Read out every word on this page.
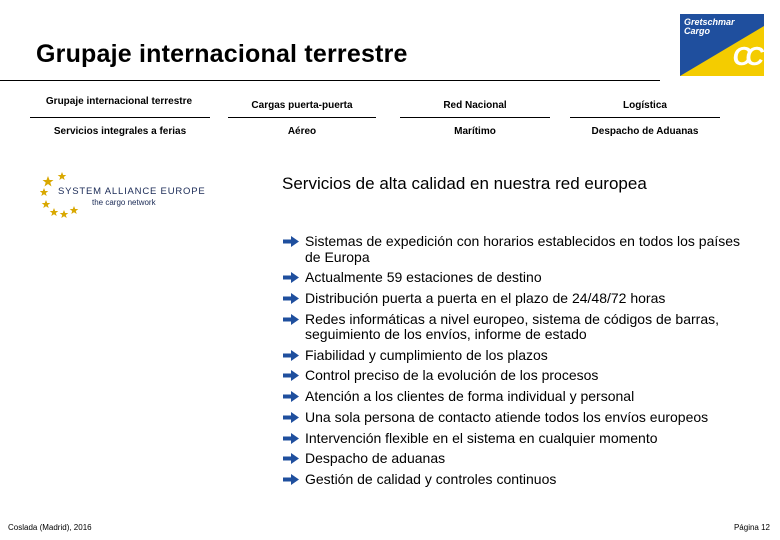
Grupaje internacional terrestre
Gretschmar
Cargo
CC
Grupaje internacional terrestre	Cargas puerta-puerta	Red Nacional	Logística
Servicios integrales a ferias	Aéreo	Marítimo	Despacho de Aduanas
SYSTEM ALLIANCE EUROPE
the cargo network
Servicios de alta calidad en nuestra red europea
Sistemas de expedición con horarios establecidos en todos los países de Europa
Actualmente 59 estaciones de destino
Distribución puerta a puerta en el plazo de 24/48/72 horas
Redes informáticas a nivel europeo, sistema de códigos de barras, seguimiento de los envíos, informe de estado
Fiabilidad y cumplimiento de los plazos
Control preciso de la evolución de los procesos
Atención a los clientes de forma individual y personal
Una sola persona de contacto atiende todos los envíos europeos
Intervención flexible en el sistema en cualquier momento
Despacho de aduanas
Gestión de calidad y controles continuos
Coslada (Madrid), 2016	Página 12
